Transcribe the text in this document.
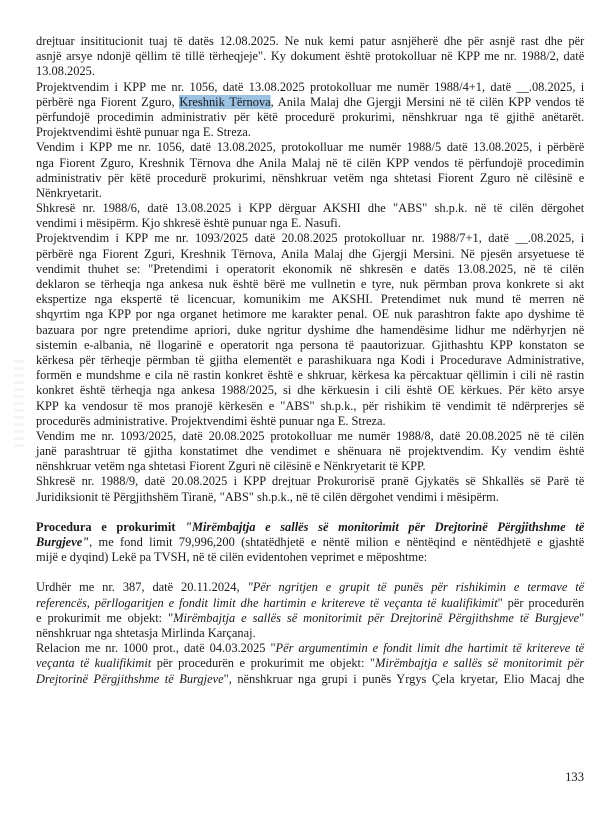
drejtuar insititucionit tuaj të datës 12.08.2025. Ne nuk kemi patur asnjëherë dhe për asnjë rast dhe për
asnjë arsye ndonjë qëllim të tillë tërheqjeje". Ky dokument është protokolluar në KPP me nr. 1988/2, datë
13.08.2025.
Projektvendim i KPP me nr. 1056, datë 13.08.2025 protokolluar me numër 1988/4+1, datë __.08.2025, i
përbërë nga Fiorent Zguro, Kreshnik Tërnova, Anila Malaj dhe Gjergji Mersini në të cilën KPP vendos të
përfundojë procedimin administrativ për këtë procedurë prokurimi, nënshkruar nga të gjithë anëtarët.
Projektvendimi është punuar nga E. Streza.
Vendim i KPP me nr. 1056, datë 13.08.2025, protokolluar me numër 1988/5 datë 13.08.2025, i përbërë
nga Fiorent Zguro, Kreshnik Tërnova dhe Anila Malaj në të cilën KPP vendos të përfundojë procedimin
administrativ për këtë procedurë prokurimi, nënshkruar vetëm nga shtetasi Fiorent Zguro në cilësinë e
Nënkryetarit.
Shkresë nr. 1988/6, datë 13.08.2025 i KPP dërguar AKSHI dhe "ABS" sh.p.k. në të cilën dërgohet
vendimi i mësipërm. Kjo shkresë është punuar nga E. Nasufi.
Projektvendim i KPP me nr. 1093/2025 datë 20.08.2025 protokolluar nr. 1988/7+1, datë __.08.2025, i
përbërë nga Fiorent Zguri, Kreshnik Tërnova, Anila Malaj dhe Gjergji Mersini. Në pjesën arsyetuese të
vendimit thuhet se: "Pretendimi i operatorit ekonomik në shkresën e datës 13.08.2025, në të cilën
deklaron se tërheqja nga ankesa nuk është bërë me vullnetin e tyre, nuk përmban prova konkrete si akt
ekspertize nga ekspertë të licencuar, komunikim me AKSHI. Pretendimet nuk mund të merren në
shqyrtim nga KPP por nga organet hetimore me karakter penal. OE nuk parashtron fakte apo dyshime të
bazuara por ngre pretendime apriori, duke ngritur dyshime dhe hamendësime lidhur me ndërhyrjen në
sistemin e-albania, në llogarinë e operatorit nga persona të paautorizuar. Gjithashtu KPP konstaton se
kërkesa për tërheqje përmban të gjitha elementët e parashikuara nga Kodi i Procedurave Administrative,
formën e mundshme e cila në rastin konkret është e shkruar, kërkesa ka përcaktuar qëllimin i cili në rastin
konkret është tërheqja nga ankesa 1988/2025, si dhe kërkuesin i cili është OE kërkues. Për këto arsye
KPP ka vendosur të mos pranojë kërkesën e "ABS" sh.p.k., për rishikim të vendimit të ndërprerjes së
procedurës administrative. Projektvendimi është punuar nga E. Streza.
Vendim me nr. 1093/2025, datë 20.08.2025 protokolluar me numër 1988/8, datë 20.08.2025 në të cilën
janë parashtruar të gjitha konstatimet dhe vendimet e shënuara në projektvendim. Ky vendim është
nënshkruar vetëm nga shtetasi Fiorent Zguri në cilësinë e Nënkryetarit të KPP.
Shkresë nr. 1988/9, datë 20.08.2025 i KPP drejtuar Prokurorisë pranë Gjykatës së Shkallës së Parë të
Juridiksionit të Përgjithshëm Tiranë, "ABS" sh.p.k., në të cilën dërgohet vendimi i mësipërm.
Procedura e prokurimit "Mirëmbajtja e sallës së monitorimit për Drejtorinë Përgjithshme të
Burgjeve", me fond limit 79,996,200 (shtatëdhjetë e nëntë milion e nëntëqind e nëntëdhjetë e gjashtë
mijë e dyqind) Lekë pa TVSH, në të cilën evidentohen veprimet e mëposhtme:
Urdhër me nr. 387, datë 20.11.2024, "Për ngritjen e grupit të punës për rishikimin e termave të
referencës, përllogaritjen e fondit limit dhe hartimin e kritereve të veçanta të kualifikimit" për procedurën
e prokurimit me objekt: "Mirëmbajtja e sallës së monitorimit për Drejtorinë Përgjithshme të Burgjeve"
nënshkruar nga shtetasja Mirlinda Karçanaj.
Relacion me nr. 1000 prot., datë 04.03.2025 "Për argumentimin e fondit limit dhe hartimit të kritereve të
veçanta të kualifikimit për procedurën e prokurimit me objekt: "Mirëmbajtja e sallës së monitorimit për
Drejtorinë Përgjithshme të Burgjeve", nënshkruar nga grupi i punës Yrgys Çela kryetar, Elio Macaj dhe
133
